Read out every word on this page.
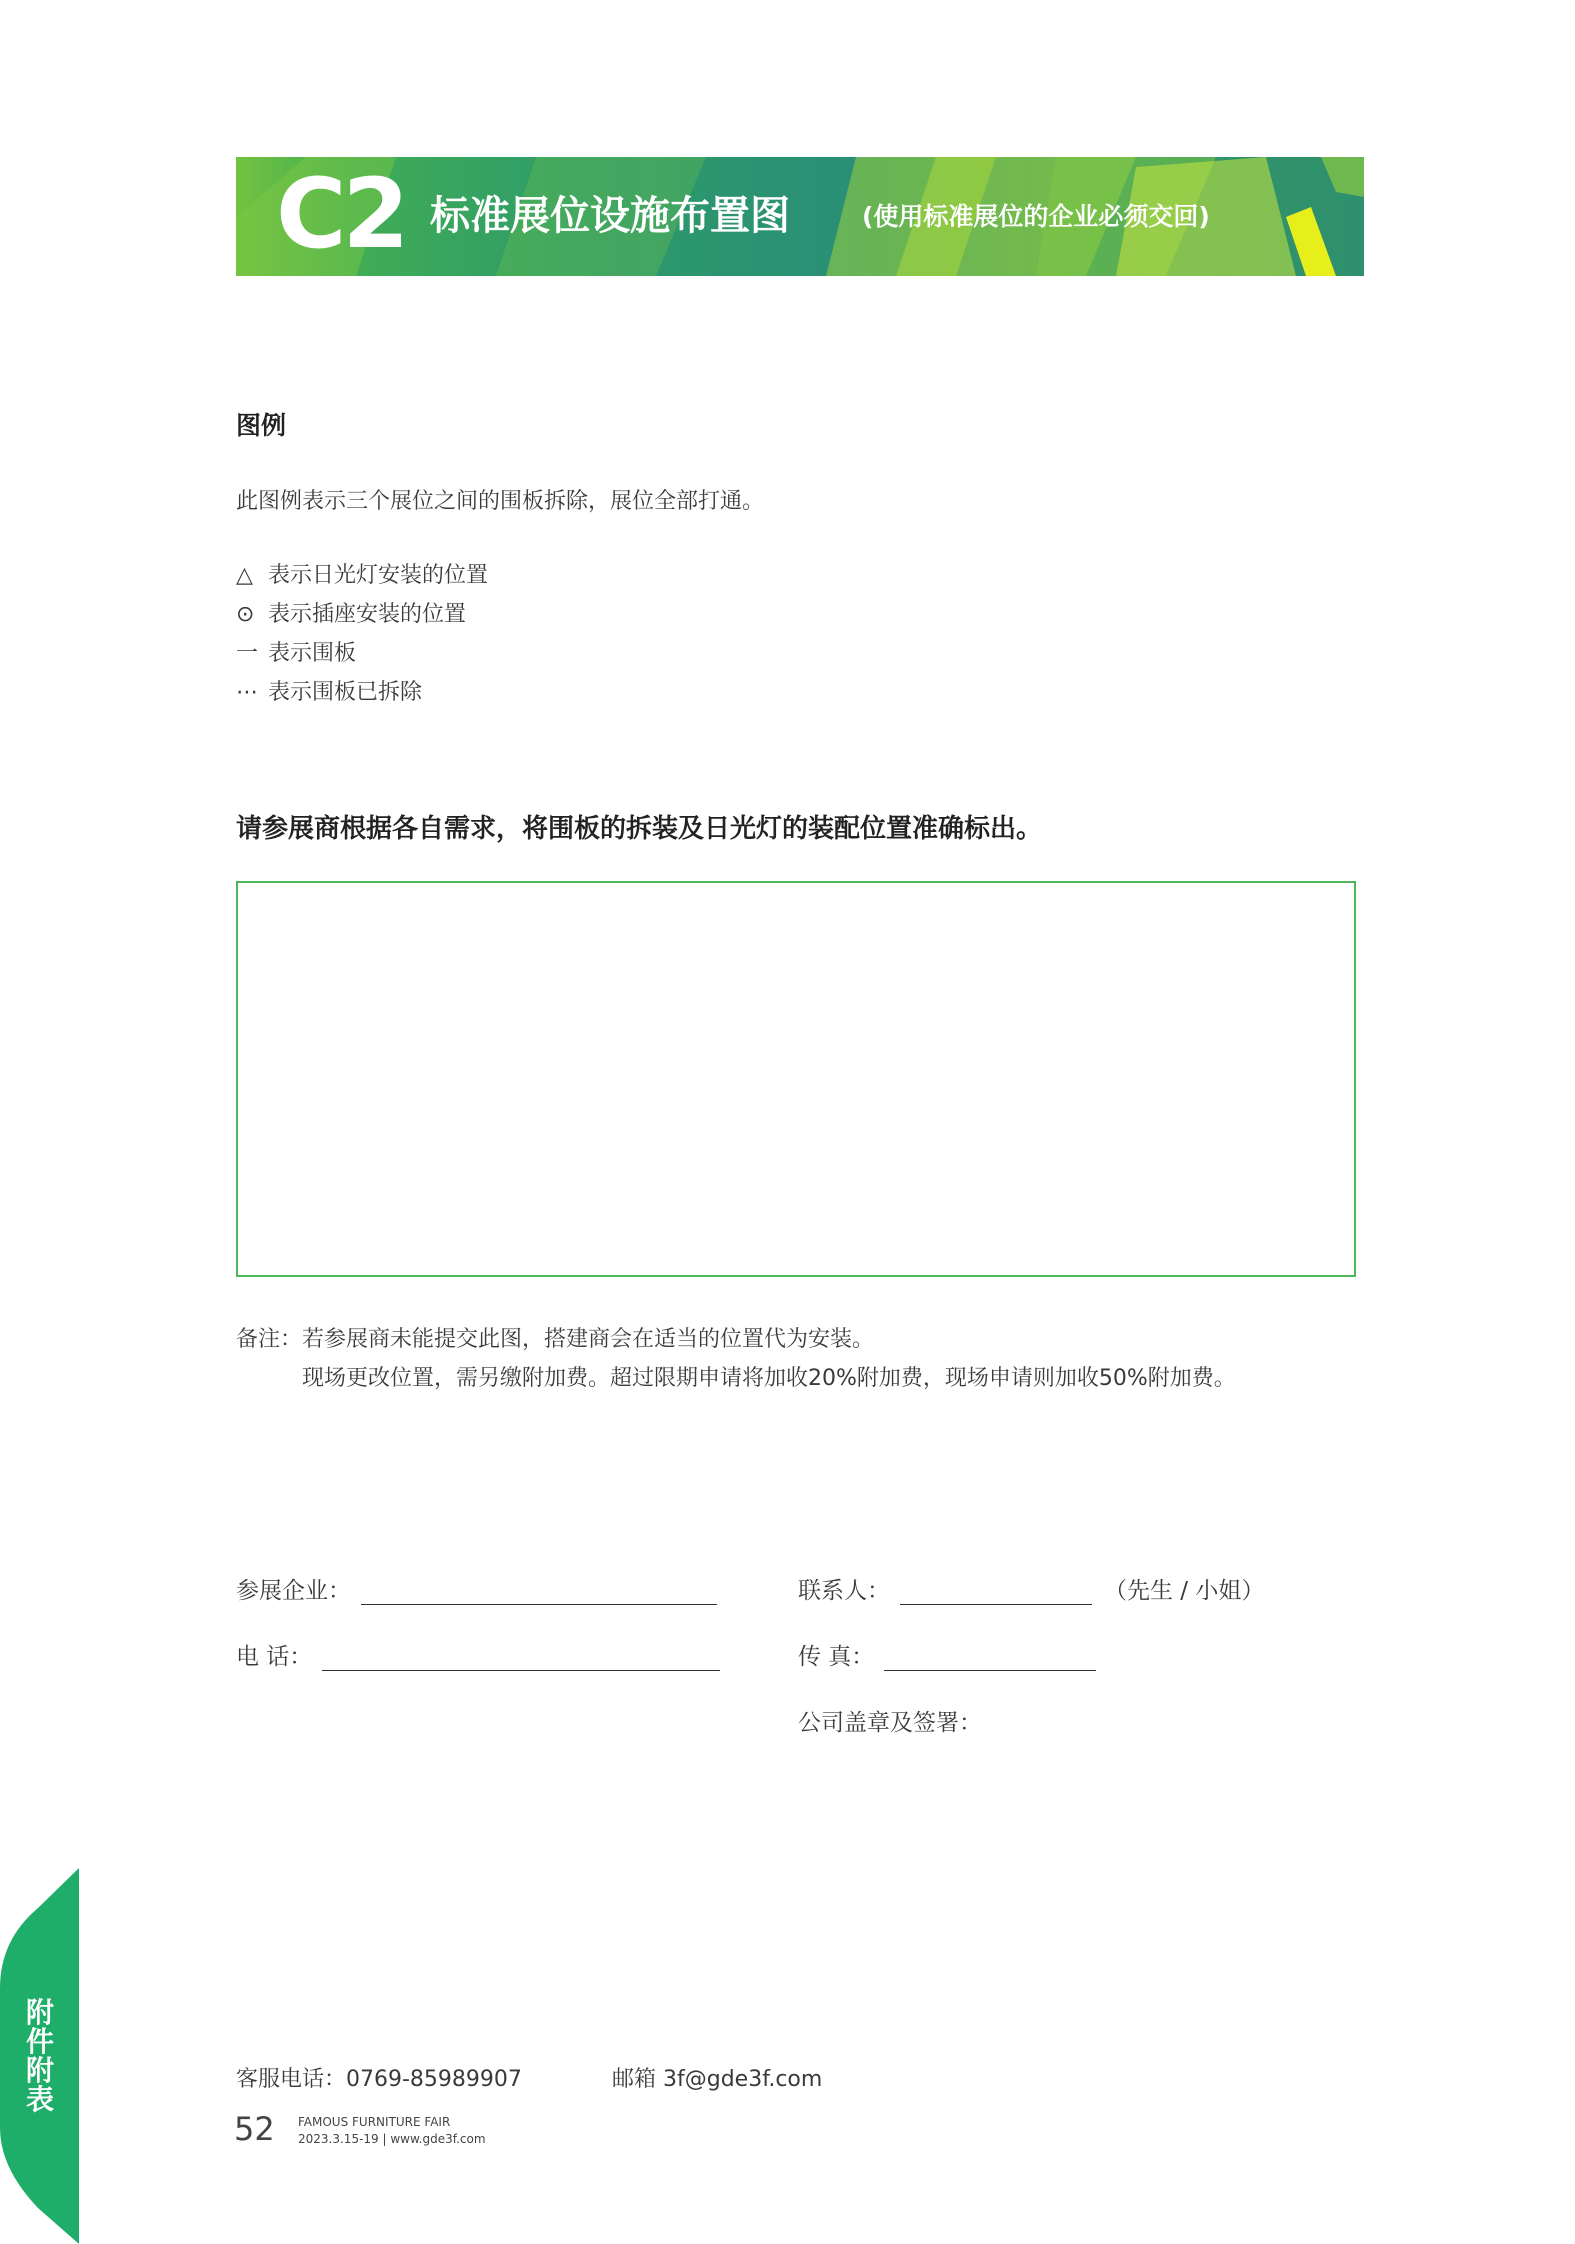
C2 标准展位设施布置图	(使用标准展位的企业必须交回)
图例
此图例表示三个展位之间的围板拆除，展位全部打通。
△ 表示日光灯安装的位置
⊙ 表示插座安装的位置
一 表示围板
⋯ 表示围板已拆除
请参展商根据各自需求，将围板的拆装及日光灯的装配位置准确标出。
备注：若参展商未能提交此图，搭建商会在适当的位置代为安装。
现场更改位置，需另缴附加费。超过限期申请将加收20%附加费，现场申请则加收50%附加费。
参展企业：	联系人：	（先生 / 小姐）
电 话：	传 真：
公司盖章及签署：
附件附表
客服电话：0769-85989907	邮箱 3f@gde3f.com
52 FAMOUS FURNITURE FAIR
2023.3.15-19 | www.gde3f.com
